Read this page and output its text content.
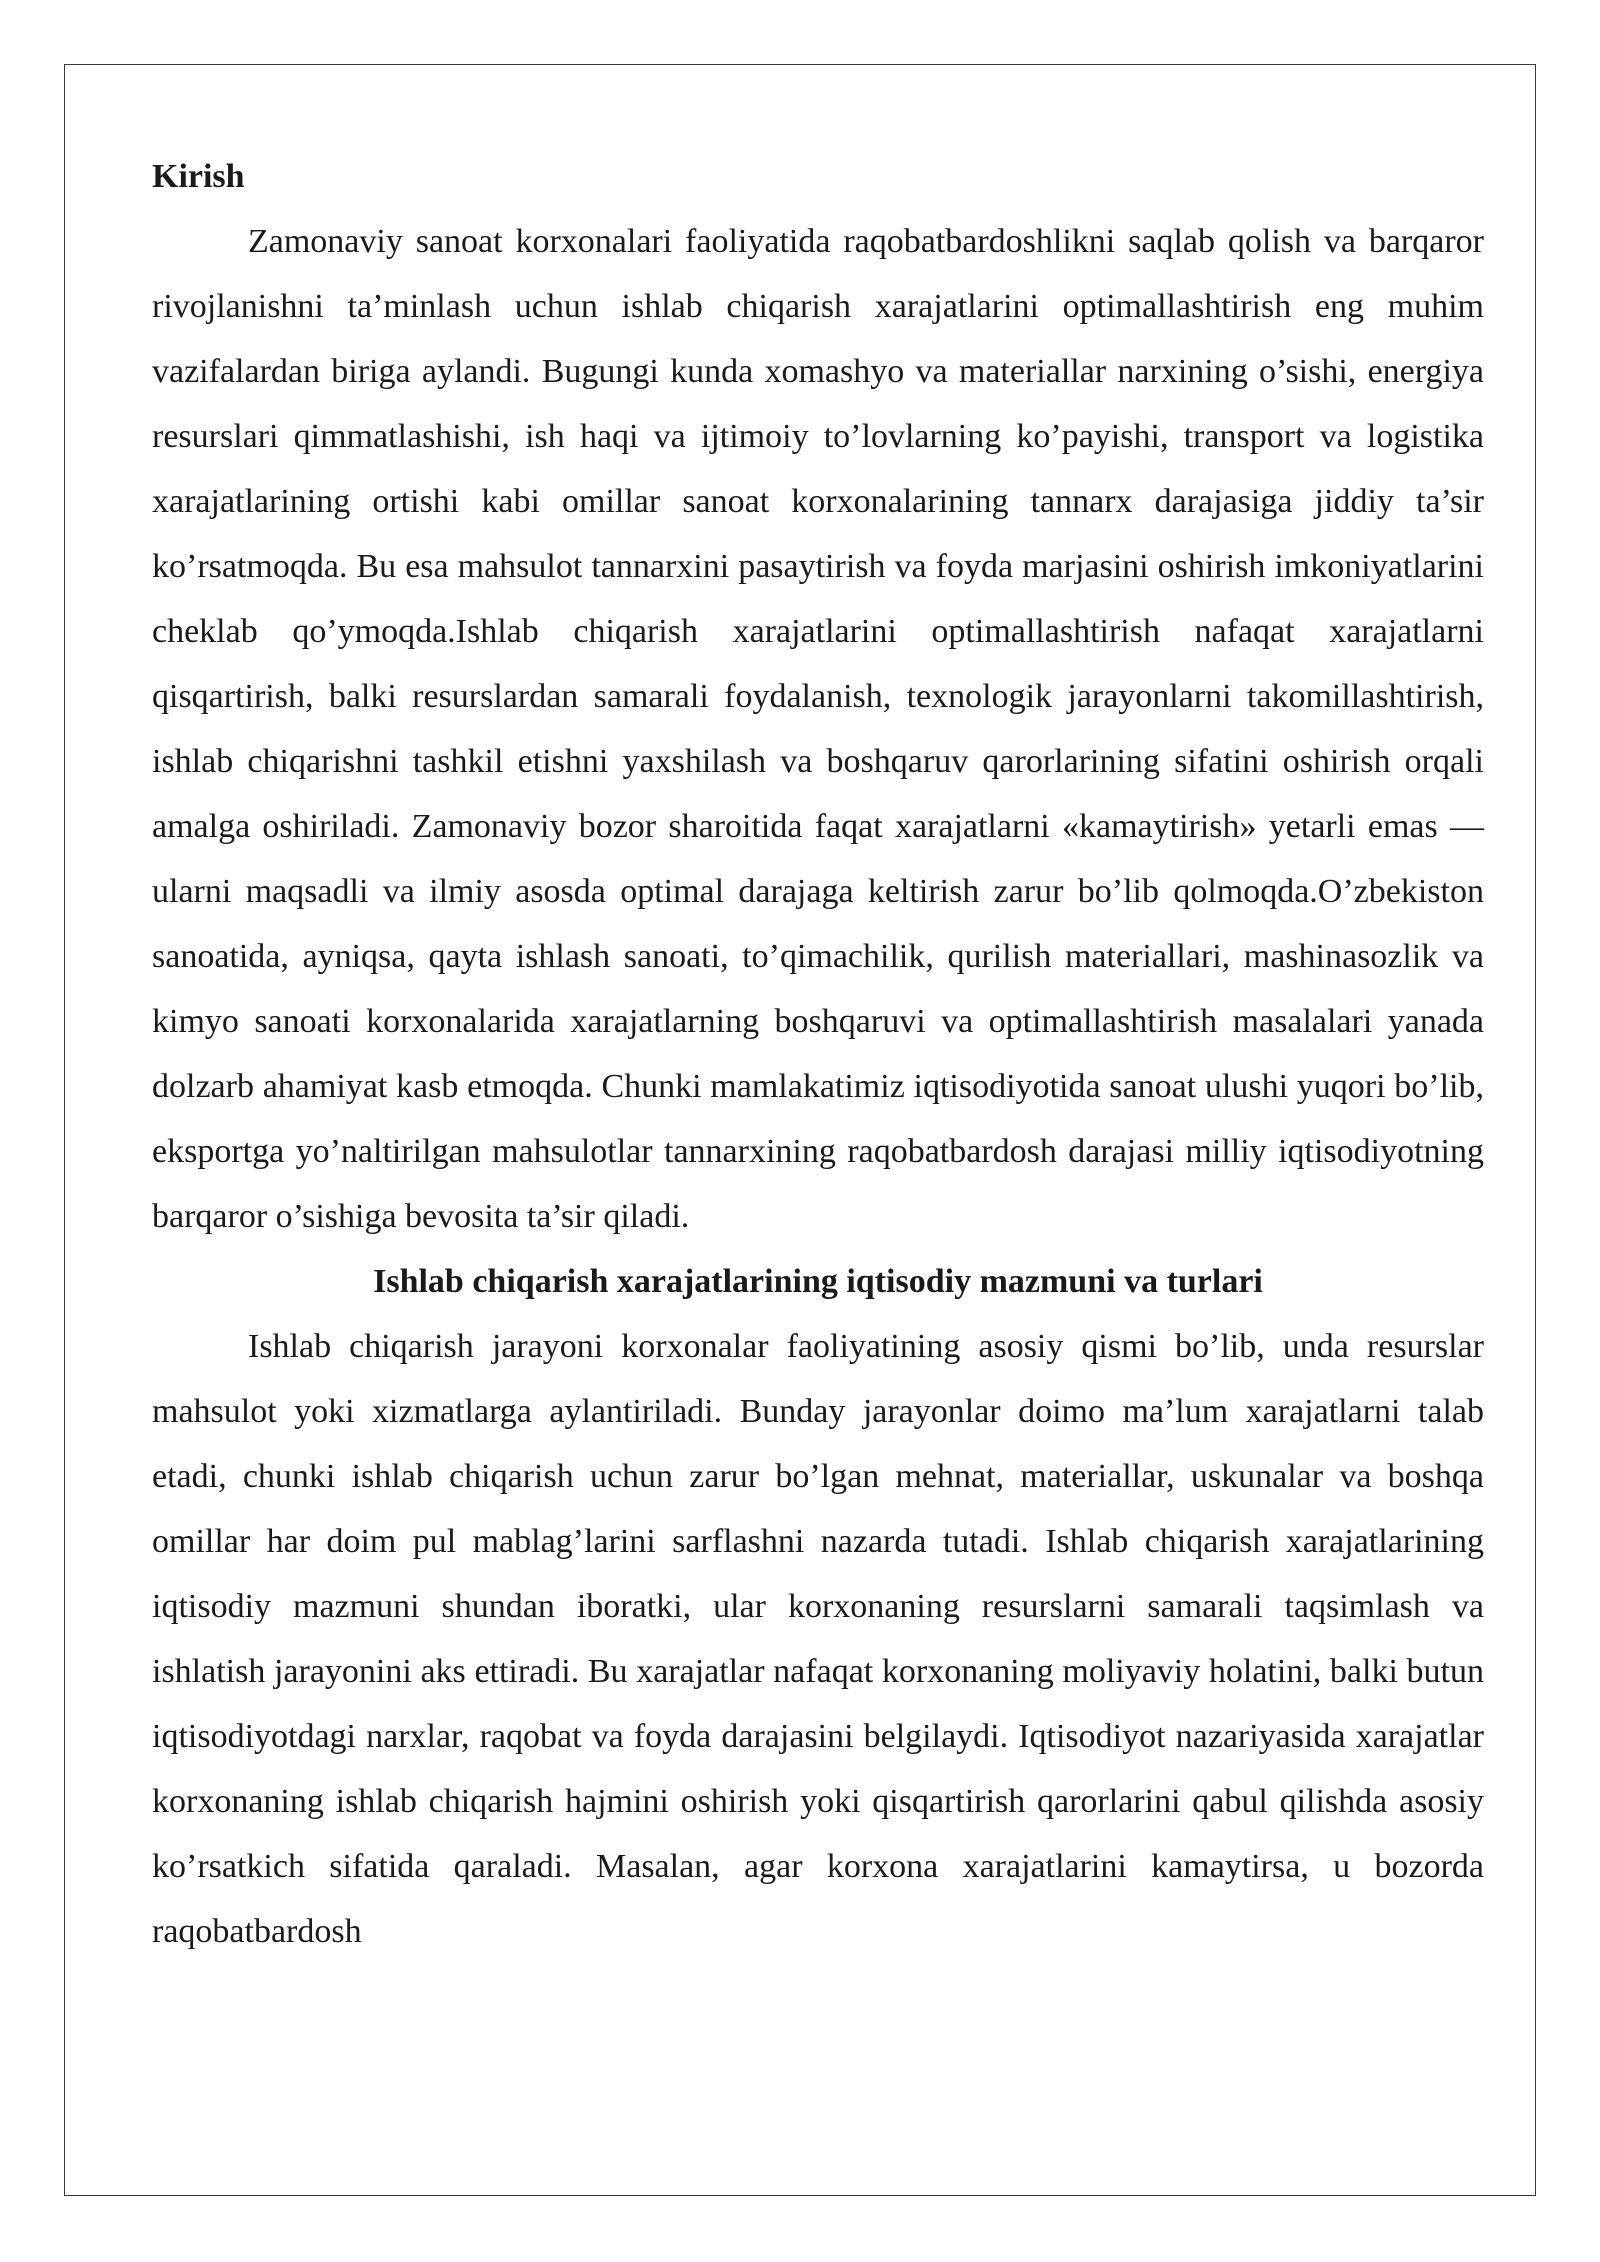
Kirish

Zamonaviy sanoat korxonalari faoliyatida raqobatbardoshlikni saqlab qolish va barqaror rivojlanishni ta’minlash uchun ishlab chiqarish xarajatlarini optimallashtirish eng muhim vazifalardan biriga aylandi. Bugungi kunda xomashyo va materiallar narxining o’sishi, energiya resurslari qimmatlashishi, ish haqi va ijtimoiy to’lovlarning ko’payishi, transport va logistika xarajatlarining ortishi kabi omillar sanoat korxonalarining tannarx darajasiga jiddiy ta’sir ko’rsatmoqda. Bu esa mahsulot tannarxini pasaytirish va foyda marjasini oshirish imkoniyatlarini cheklab qo’ymoqda.Ishlab chiqarish xarajatlarini optimallashtirish nafaqat xarajatlarni qisqartirish, balki resurslardan samarali foydalanish, texnologik jarayonlarni takomillashtirish, ishlab chiqarishni tashkil etishni yaxshilash va boshqaruv qarorlarining sifatini oshirish orqali amalga oshiriladi. Zamonaviy bozor sharoitida faqat xarajatlarni «kamaytirish» yetarli emas — ularni maqsadli va ilmiy asosda optimal darajaga keltirish zarur bo’lib qolmoqda.O’zbekiston sanoatida, ayniqsa, qayta ishlash sanoati, to’qimachilik, qurilish materiallari, mashinasozlik va kimyo sanoati korxonalarida xarajatlarning boshqaruvi va optimallashtirish masalalari yanada dolzarb ahamiyat kasb etmoqda. Chunki mamlakatimiz iqtisodiyotida sanoat ulushi yuqori bo’lib, eksportga yo’naltirilgan mahsulotlar tannarxining raqobatbardosh darajasi milliy iqtisodiyotning barqaror o’sishiga bevosita ta’sir qiladi.

Ishlab chiqarish xarajatlarining iqtisodiy mazmuni va turlari

Ishlab chiqarish jarayoni korxonalar faoliyatining asosiy qismi bo’lib, unda resurslar mahsulot yoki xizmatlarga aylantiriladi. Bunday jarayonlar doimo ma’lum xarajatlarni talab etadi, chunki ishlab chiqarish uchun zarur bo’lgan mehnat, materiallar, uskunalar va boshqa omillar har doim pul mablag’larini sarflashni nazarda tutadi. Ishlab chiqarish xarajatlarining iqtisodiy mazmuni shundan iboratki, ular korxonaning resurslarni samarali taqsimlash va ishlatish jarayonini aks ettiradi. Bu xarajatlar nafaqat korxonaning moliyaviy holatini, balki butun iqtisodiyotdagi narxlar, raqobat va foyda darajasini belgilaydi. Iqtisodiyot nazariyasida xarajatlar korxonaning ishlab chiqarish hajmini oshirish yoki qisqartirish qarorlarini qabul qilishda asosiy ko’rsatkich sifatida qaraladi. Masalan, agar korxona xarajatlarini kamaytirsa, u bozorda raqobatbardosh
